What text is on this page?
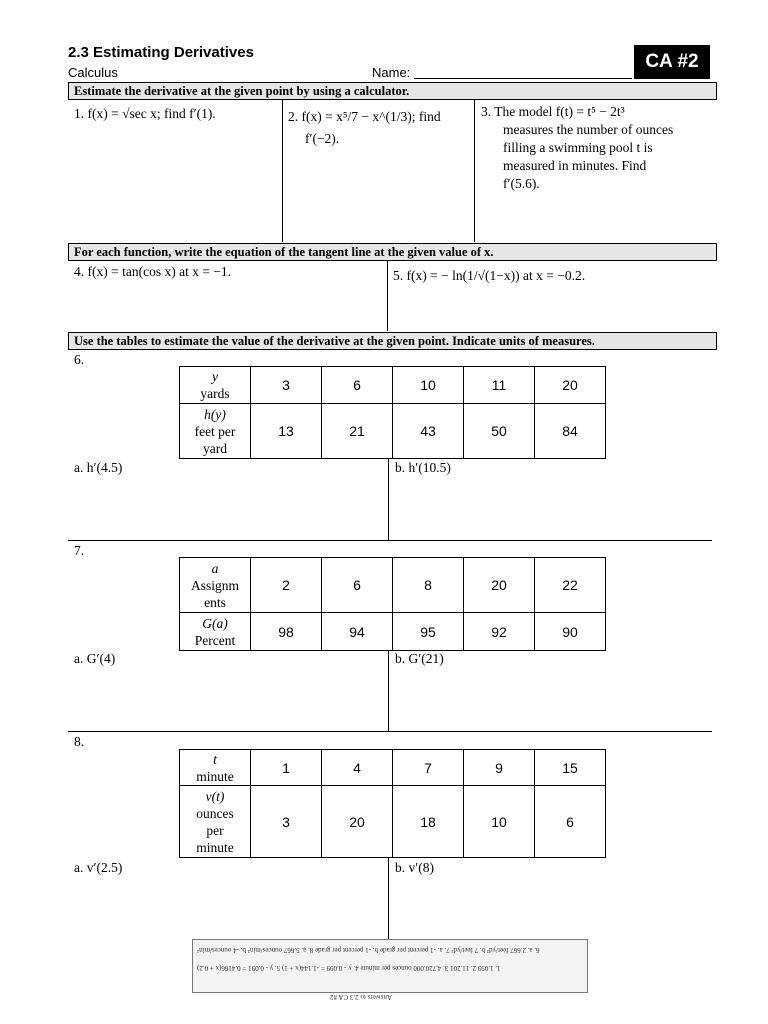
2.3 Estimating Derivatives
Calculus	Name:
CA #2
Estimate the derivative at the given point by using a calculator.
1. f(x) = √sec x; find f′(1).	2. f(x) = x⁵/7 − x^(1/3); find
f′(−2).
3. The model f(t) = t⁵ − 2t³
measures the number of ounces
filling a swimming pool t is
measured in minutes. Find
f′(5.6).
For each function, write the equation of the tangent line at the given value of x.
4. f(x) = tan(cos x) at x = −1.	5. f(x) = − ln(1/√(1−x)) at x = −0.2.
Use the tables to estimate the value of the derivative at the given point. Indicate units of measures.
6.
y
yards	3	6	10	11	20

h(y)
feet per
yard	13	21	43	50	84
a. h′(4.5)	b. h′(10.5)
7.
a
Assignm
ents	2	6	8	20	22

G(a)
Percent	98	94	95	92	90
a. G′(4)	b. G′(21)
8.
t
minute	1	4	7	9	15

v(t)
ounces
per
minute	3	20	18	10	6
a. v′(2.5)	b. v′(8)
6. a. 2.667 feet/yd² b. 7 feet/yd² 7. a. -1 percent per grade b. -1 percent per grade 8. a. 5.667 ounces/min² b. -4 ounces/min²
1. 1.059 2. 11.201 3. 4,720.000 ounces per minute 4. y - 0.099 = -1.144(x + 1) 5. y - 0.091 = 0.4166(x + 0.2)
Answers to 2.3 CA #2
